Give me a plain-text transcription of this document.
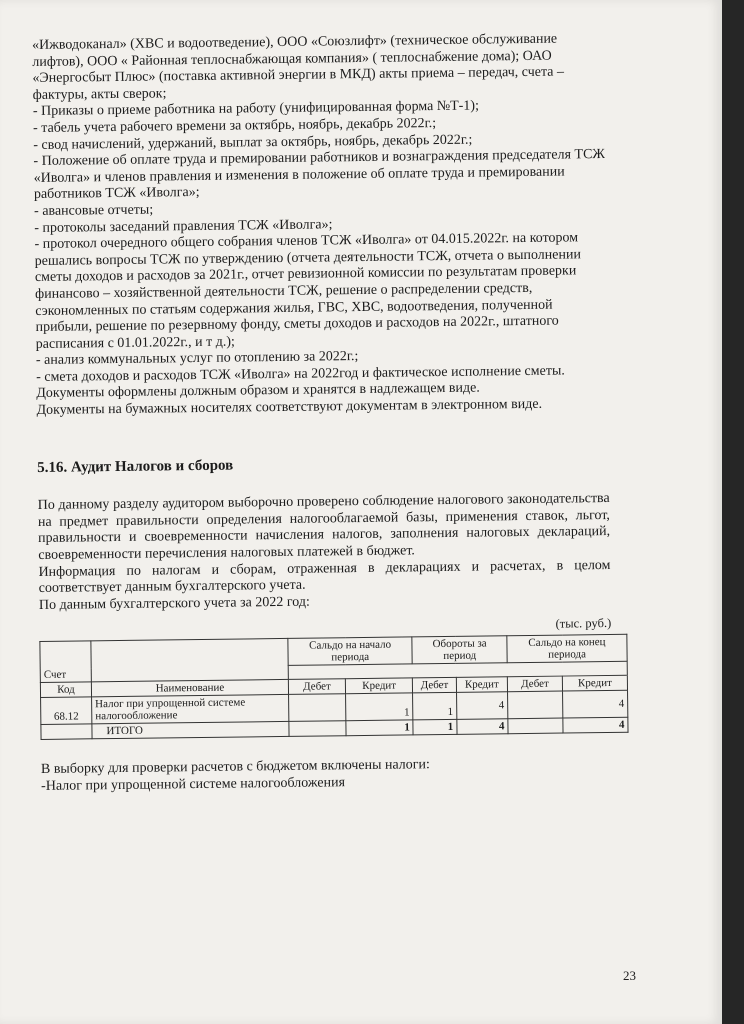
«Ижводоканал» (ХВС и водоотведение), ООО «Союзлифт» (техническое обслуживание лифтов), ООО « Районная теплоснабжающая компания» ( теплоснабжение дома); ОАО «Энергосбыт Плюс» (поставка активной энергии в МКД) акты приема – передач, счета – фактуры, акты сверок;

- Приказы о приеме работника на работу (унифицированная форма №Т-1);

- табель учета рабочего времени за октябрь, ноябрь, декабрь 2022г.;

- свод начислений, удержаний, выплат за октябрь, ноябрь, декабрь 2022г.;

- Положение об оплате труда и премировании работников и вознаграждения председателя ТСЖ «Иволга» и членов правления и изменения в положение об оплате труда и премировании работников ТСЖ «Иволга»;

- авансовые отчеты;

- протоколы заседаний правления ТСЖ «Иволга»;

- протокол очередного общего собрания членов ТСЖ «Иволга» от 04.015.2022г. на котором решались вопросы ТСЖ по утверждению (отчета деятельности ТСЖ, отчета о выполнении сметы доходов и расходов за 2021г., отчет ревизионной комиссии по результатам проверки финансово – хозяйственной деятельности ТСЖ, решение о распределении средств, сэкономленных по статьям содержания жилья, ГВС, ХВС, водоотведения, полученной прибыли, решение по резервному фонду, сметы доходов и расходов на 2022г., штатного расписания с 01.01.2022г., и т д.);

- анализ коммунальных услуг по отоплению за 2022г.;

- смета доходов и расходов ТСЖ «Иволга» на 2022год и фактическое исполнение сметы.

Документы оформлены должным образом и хранятся в надлежащем виде.

Документы на бумажных носителях соответствуют документам в электронном виде.

5.16. Аудит Налогов и сборов

По данному разделу аудитором выборочно проверено соблюдение налогового законодательства на предмет правильности определения налогооблагаемой базы, применения ставок, льгот, правильности и своевременности начисления налогов, заполнения налоговых деклараций, своевременности перечисления налоговых платежей в бюджет.

Информация по налогам и сборам, отраженная в декларациях и расчетах, в целом соответствует данным бухгалтерского учета.

По данным бухгалтерского учета за 2022 год:

(тыс. руб.)

Счет		Сальдо на начало периода		Обороты за период		Сальдо на конец периода	

Код	Наименование	Дебет	Кредит	Дебет	Кредит	Дебет	Кредит
68.12	Налог при упрощенной системе налогообложение		1	1	4		4
	ИТОГО		1	1	4		4

В выборку для проверки расчетов с бюджетом включены налоги:

-Налог при упрощенной системе налогообложения

23
